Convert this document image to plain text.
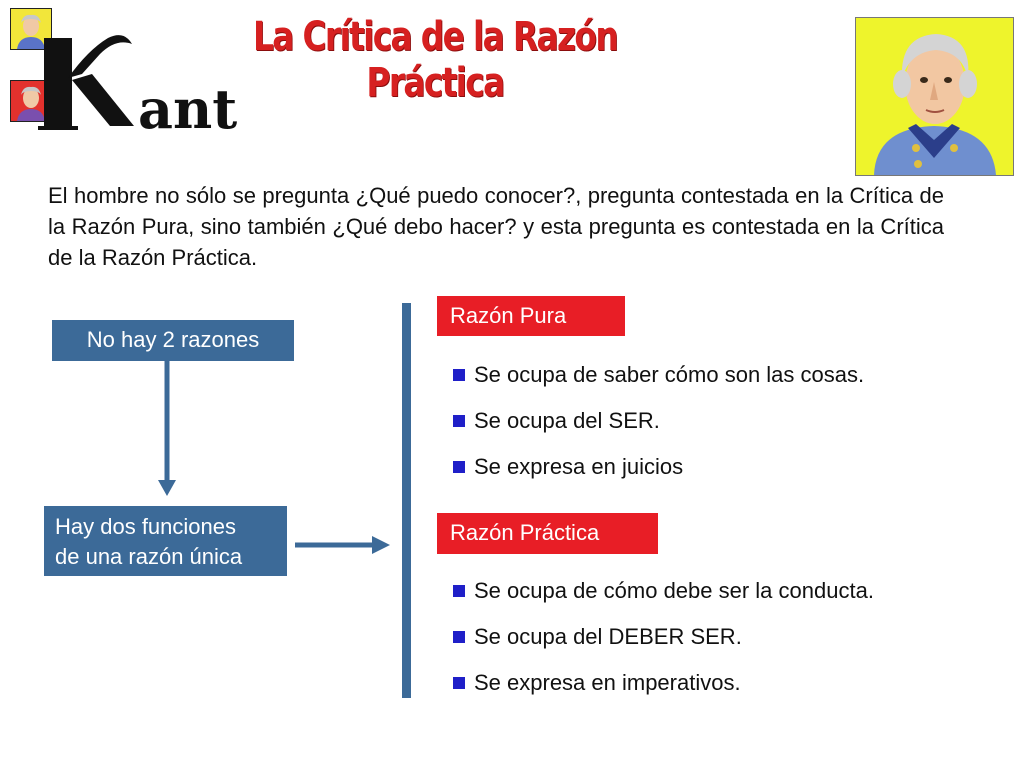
ant
La Crítica de la Razón Práctica
El hombre no sólo se pregunta ¿Qué puedo conocer?, pregunta contestada en la Crítica de la Razón Pura, sino también ¿Qué debo hacer? y esta pregunta es contestada en la Crítica de la Razón Práctica.
No hay 2 razones
Hay dos funciones
de una razón única
Razón Pura
Se ocupa de saber cómo son las cosas.
Se ocupa del SER.
Se expresa en juicios
Razón Práctica
Se ocupa de cómo debe ser la conducta.
Se ocupa del DEBER SER.
Se expresa en imperativos.
